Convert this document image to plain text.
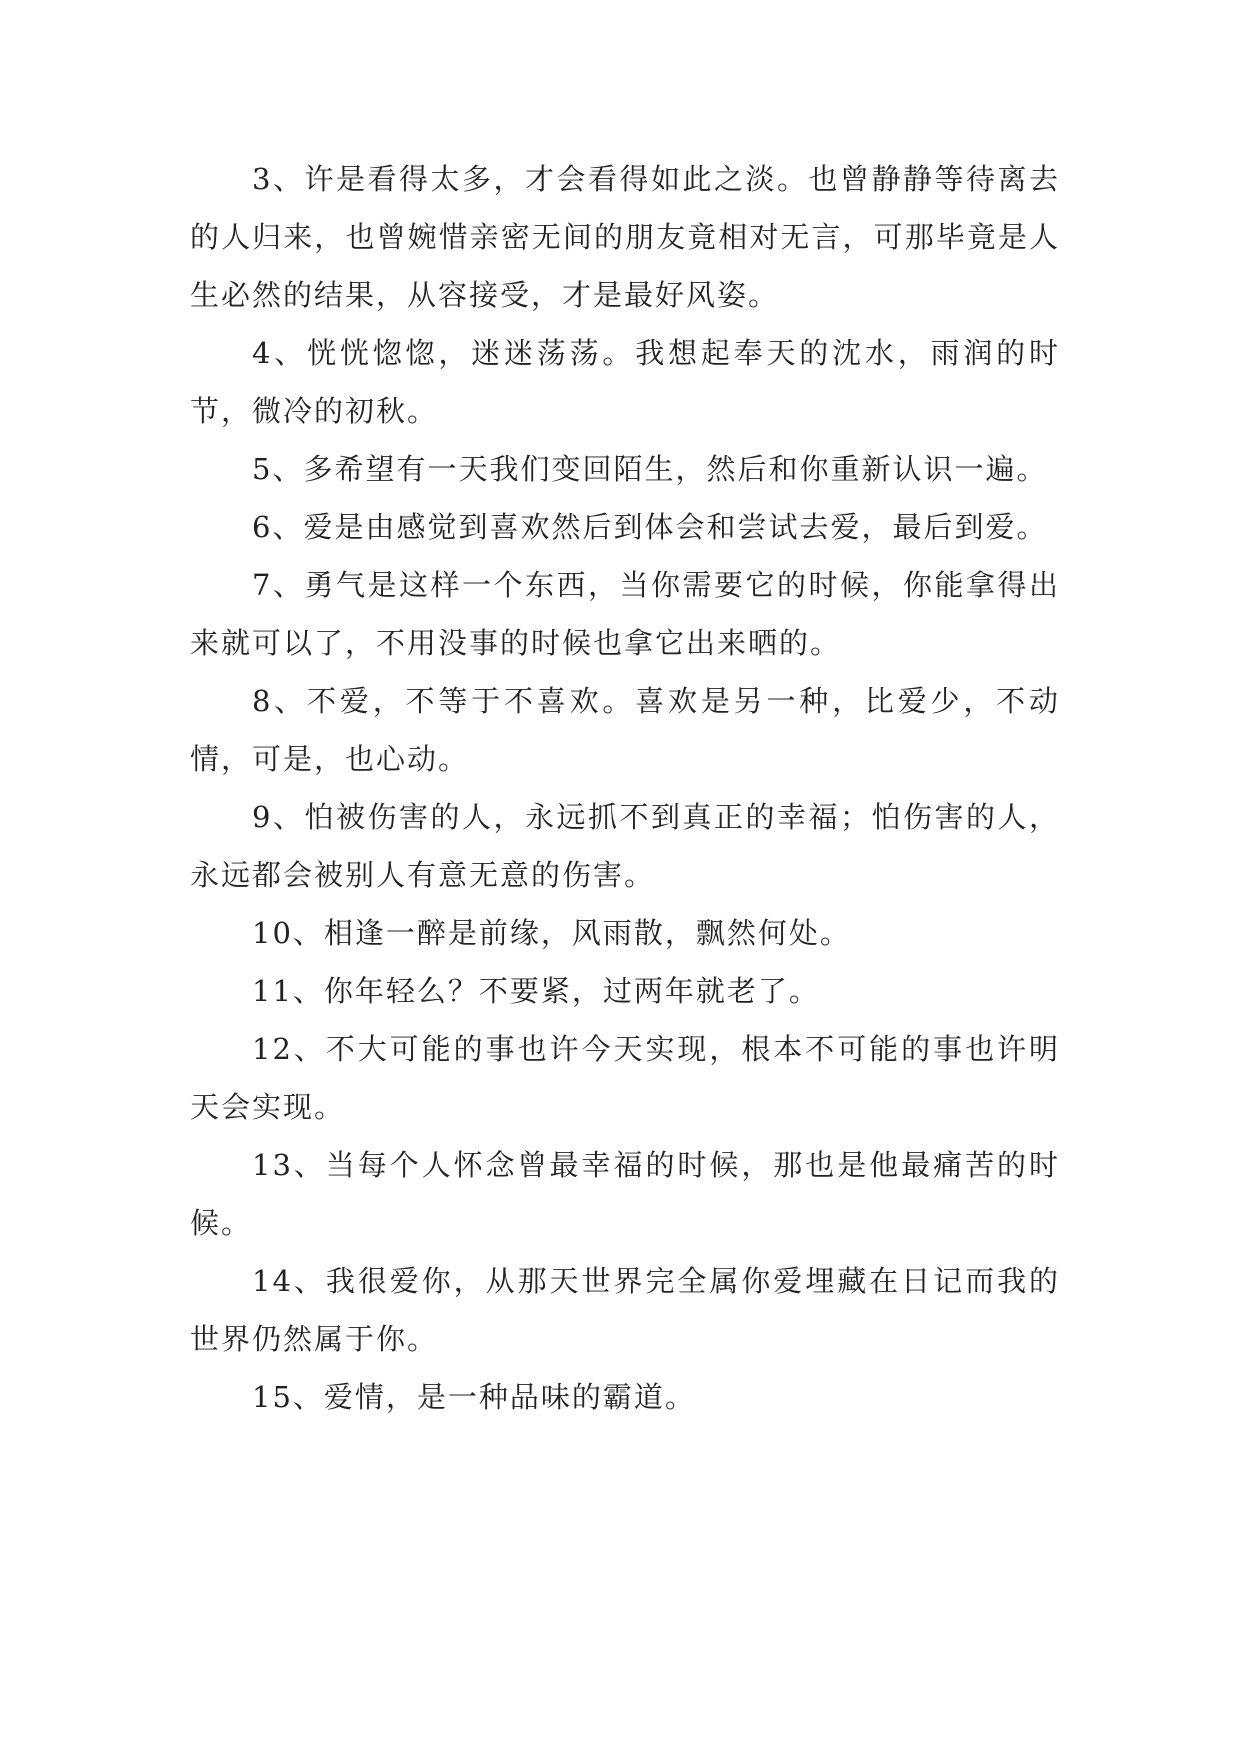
3、许是看得太多，才会看得如此之淡。也曾静静等待离去的人归来，也曾婉惜亲密无间的朋友竟相对无言，可那毕竟是人生必然的结果，从容接受，才是最好风姿。

4、恍恍惚惚，迷迷荡荡。我想起奉天的沈水，雨润的时节，微冷的初秋。

5、多希望有一天我们变回陌生，然后和你重新认识一遍。

6、爱是由感觉到喜欢然后到体会和尝试去爱，最后到爱。

7、勇气是这样一个东西，当你需要它的时候，你能拿得出来就可以了，不用没事的时候也拿它出来晒的。

8、不爱，不等于不喜欢。喜欢是另一种，比爱少，不动情，可是，也心动。

9、怕被伤害的人，永远抓不到真正的幸福；怕伤害的人，永远都会被别人有意无意的伤害。

10、相逢一醉是前缘，风雨散，飘然何处。

11、你年轻么？不要紧，过两年就老了。

12、不大可能的事也许今天实现，根本不可能的事也许明天会实现。

13、当每个人怀念曾最幸福的时候，那也是他最痛苦的时候。

14、我很爱你，从那天世界完全属你爱埋藏在日记而我的世界仍然属于你。

15、爱情，是一种品味的霸道。
